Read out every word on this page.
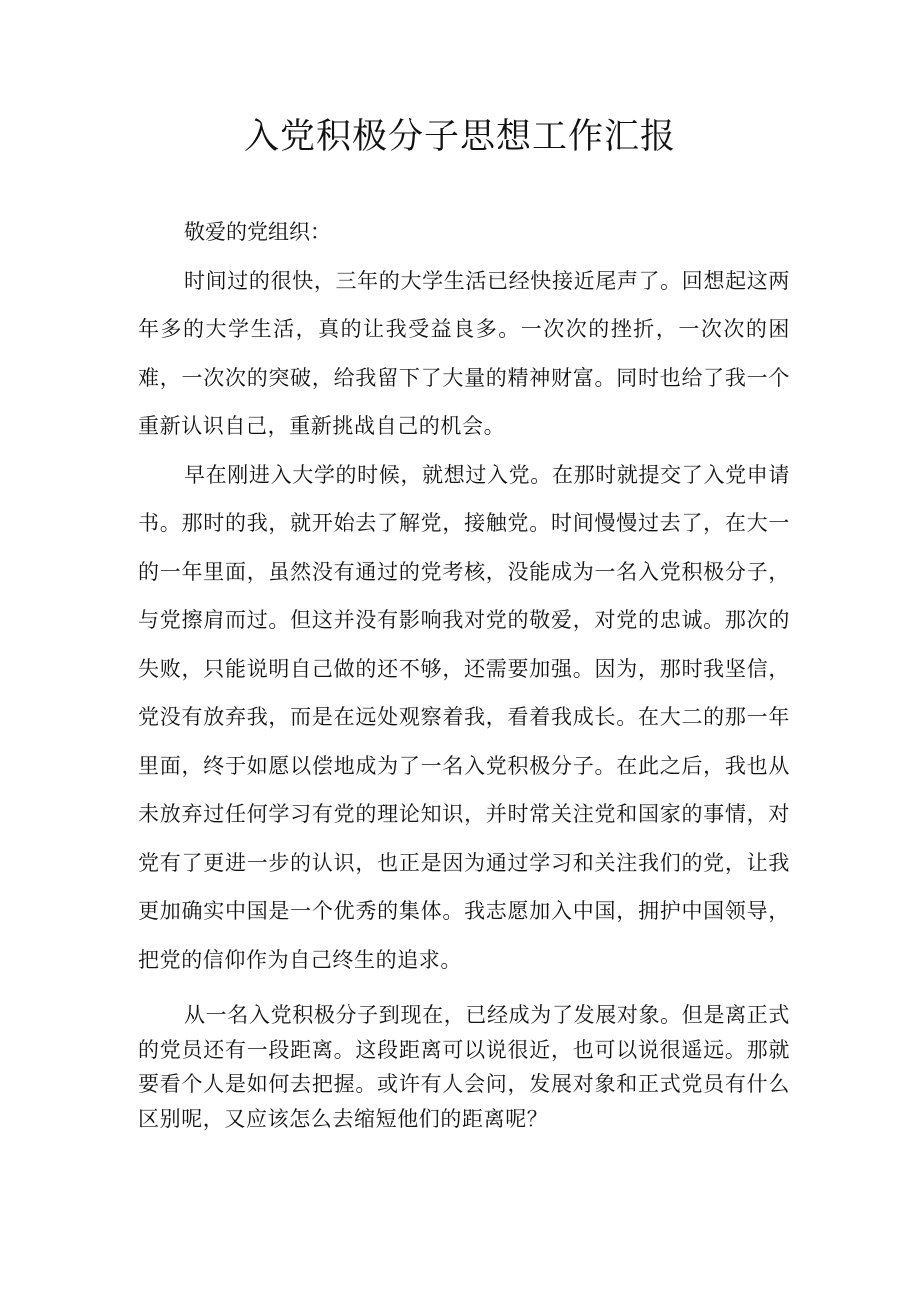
入党积极分子思想工作汇报

敬爱的党组织：

时间过的很快，三年的大学生活已经快接近尾声了。回想起这两年多的大学生活，真的让我受益良多。一次次的挫折，一次次的困难，一次次的突破，给我留下了大量的精神财富。同时也给了我一个重新认识自己，重新挑战自己的机会。

早在刚进入大学的时候，就想过入党。在那时就提交了入党申请书。那时的我，就开始去了解党，接触党。时间慢慢过去了，在大一的一年里面，虽然没有通过的党考核，没能成为一名入党积极分子，与党擦肩而过。但这并没有影响我对党的敬爱，对党的忠诚。那次的失败，只能说明自己做的还不够，还需要加强。因为，那时我坚信，党没有放弃我，而是在远处观察着我，看着我成长。在大二的那一年里面，终于如愿以偿地成为了一名入党积极分子。在此之后，我也从未放弃过任何学习有党的理论知识，并时常关注党和国家的事情，对党有了更进一步的认识，也正是因为通过学习和关注我们的党，让我更加确实中国是一个优秀的集体。我志愿加入中国，拥护中国领导，把党的信仰作为自己终生的追求。

从一名入党积极分子到现在，已经成为了发展对象。但是离正式的党员还有一段距离。这段距离可以说很近，也可以说很遥远。那就要看个人是如何去把握。或许有人会问，发展对象和正式党员有什么区别呢，又应该怎么去缩短他们的距离呢？
